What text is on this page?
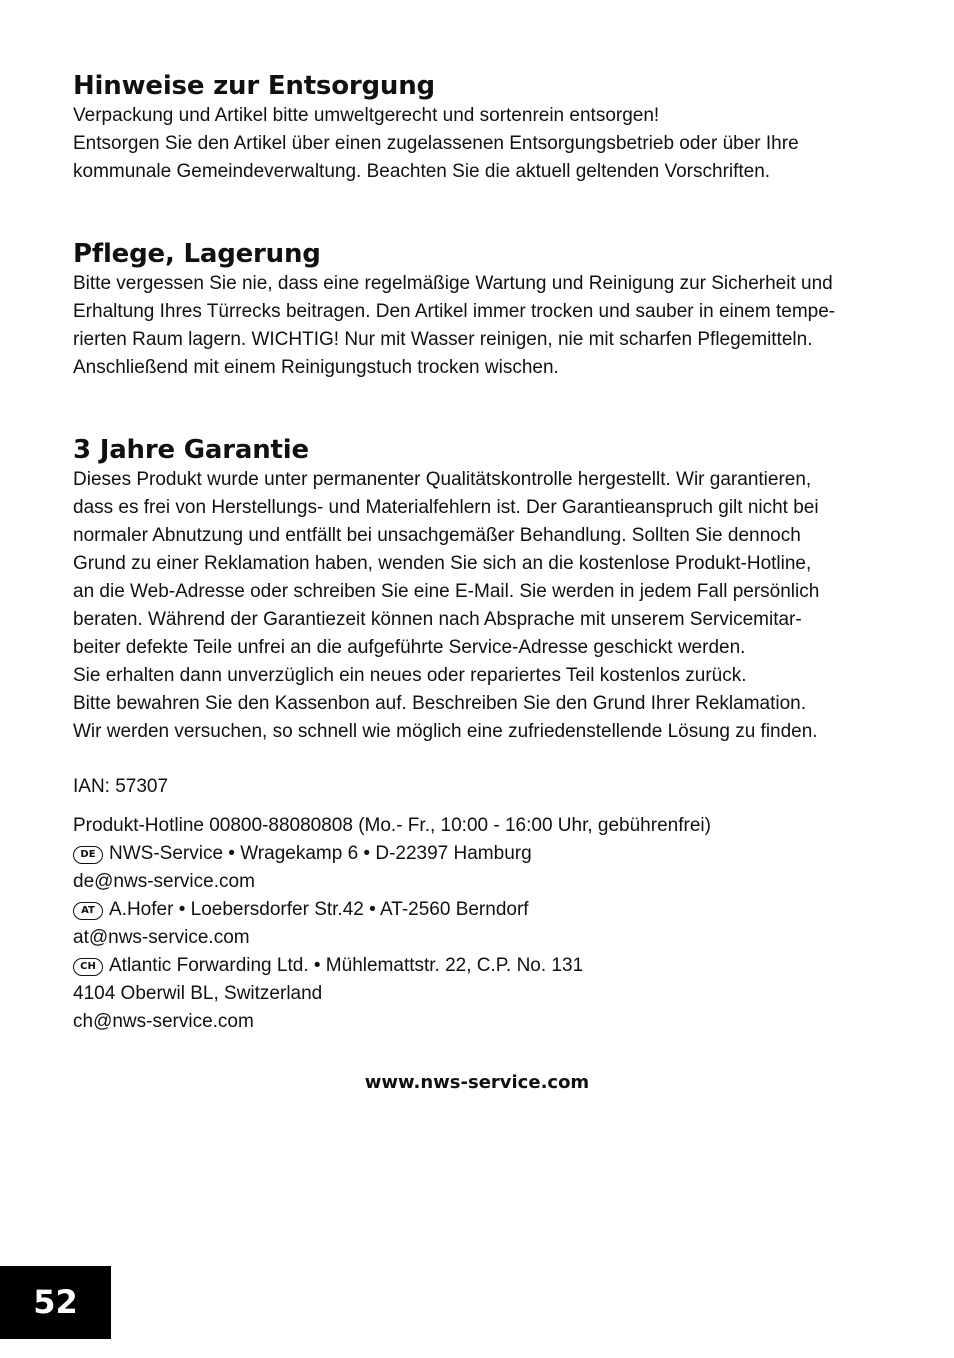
Hinweise zur Entsorgung

Verpackung und Artikel bitte umweltgerecht und sortenrein entsorgen!

Entsorgen Sie den Artikel über einen zugelassenen Entsorgungsbetrieb oder über Ihre

kommunale Gemeindeverwaltung. Beachten Sie die aktuell geltenden Vorschriften.

Pflege, Lagerung

Bitte vergessen Sie nie, dass eine regelmäßige Wartung und Reinigung zur Sicherheit und

Erhaltung Ihres Türrecks beitragen. Den Artikel immer trocken und sauber in einem tempe-

rierten Raum lagern. WICHTIG! Nur mit Wasser reinigen, nie mit scharfen Pflegemitteln.

Anschließend mit einem Reinigungstuch trocken wischen.

3 Jahre Garantie

Dieses Produkt wurde unter permanenter Qualitätskontrolle hergestellt. Wir garantieren,

dass es frei von Herstellungs- und Materialfehlern ist. Der Garantieanspruch gilt nicht bei

normaler Abnutzung und entfällt bei unsachgemäßer Behandlung. Sollten Sie dennoch

Grund zu einer Reklamation haben, wenden Sie sich an die kostenlose Produkt-Hotline,

an die Web-Adresse oder schreiben Sie eine E-Mail. Sie werden in jedem Fall persönlich

beraten. Während der Garantiezeit können nach Absprache mit unserem Servicemitar-

beiter defekte Teile unfrei an die aufgeführte Service-Adresse geschickt werden.

Sie erhalten dann unverzüglich ein neues oder repariertes Teil kostenlos zurück.

Bitte bewahren Sie den Kassenbon auf. Beschreiben Sie den Grund Ihrer Reklamation.

Wir werden versuchen, so schnell wie möglich eine zufriedenstellende Lösung zu finden.

IAN: 57307

Produkt-Hotline 00800-88080808 (Mo.- Fr., 10:00 - 16:00 Uhr, gebührenfrei)
DE NWS-Service • Wragekamp 6 • D-22397 Hamburg
de@nws-service.com
AT A.Hofer • Loebersdorfer Str.42 • AT-2560 Berndorf
at@nws-service.com
CH Atlantic Forwarding Ltd. • Mühlemattstr. 22, C.P. No. 131
4104 Oberwil BL, Switzerland
ch@nws-service.com
www.nws-service.com
52
